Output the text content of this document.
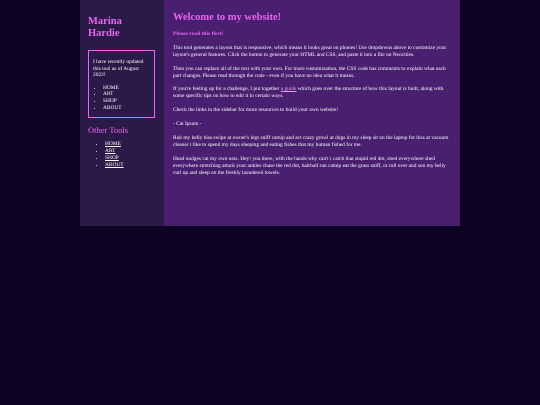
Marina Hardie

I have recently updated this tool as of August 2022!

• HOME
• ART
• SHOP
• ABOUT
Other Tools
• HOME
• ART
• SHOP
• ABOUT
Welcome to my website!
Please read this first!

This tool generates a layout that is responsive, which means it looks great on phones! Use dropdowns above to customize your layout's general features. Click the button to generate your HTML and CSS, and paste it into a file on Neocities.

Then you can replace all of the text with your own. For more customization, the CSS code has comments to explain what each part changes. Please read through the code - even if you have no idea what it means.

If you're feeling up for a challenge, I put together a guide which goes over the structure of how this layout is built, along with some specific tips on how to edit it in certain ways.

Check the links in the sidebar for more resources to build your own website!

- Cat Ipsum -

Rub my belly hiss swipe at owner's legs sniff catnip and act crazy growl at dogs in my sleep sit on the laptop for hiss at vacuum cleaner i like to spend my days sleeping and eating fishes that my human fished for me.

Head nudges cat my own ears. Hey! you there, with the hands why can't i catch that stupid red dot, shed everywhere shed everywhere stretching attack your ankles chase the red dot, hairball run catnip eat the grass sniff, or roll over and sun my belly curl up and sleep on the freshly laundered towels.
